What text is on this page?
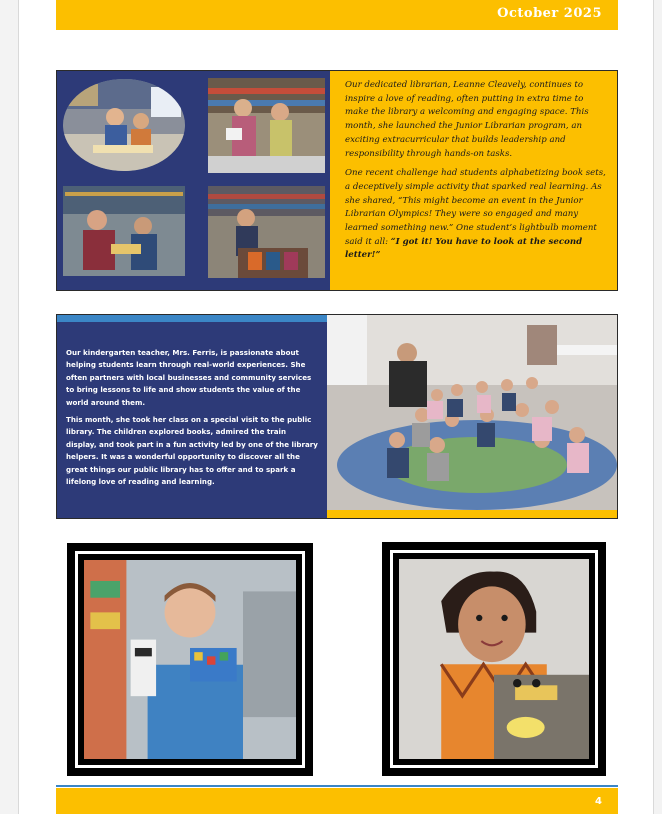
October 2025

Our dedicated librarian, Leanne Cleavely, continues to inspire a love of reading, often putting in extra time to make the library a welcoming and engaging space. This month, she launched the Junior Librarian program, an exciting extracurricular that builds leadership and responsibility through hands-on tasks.

One recent challenge had students alphabetizing book sets, a deceptively simple activity that sparked real learning. As she shared, “This might become an event in the Junior Librarian Olympics! They were so engaged and many learned something new.” One student’s lightbulb moment said it all: “I got it! You have to look at the second letter!”

Our kindergarten teacher, Mrs. Ferris, is passionate about helping students learn through real-world experiences. She often partners with local businesses and community services to bring lessons to life and show students the value of the world around them.

This month, she took her class on a special visit to the public library. The children explored books, admired the train display, and took part in a fun activity led by one of the library helpers. It was a wonderful opportunity to discover all the great things our public library has to offer and to spark a lifelong love of reading and learning.

4
